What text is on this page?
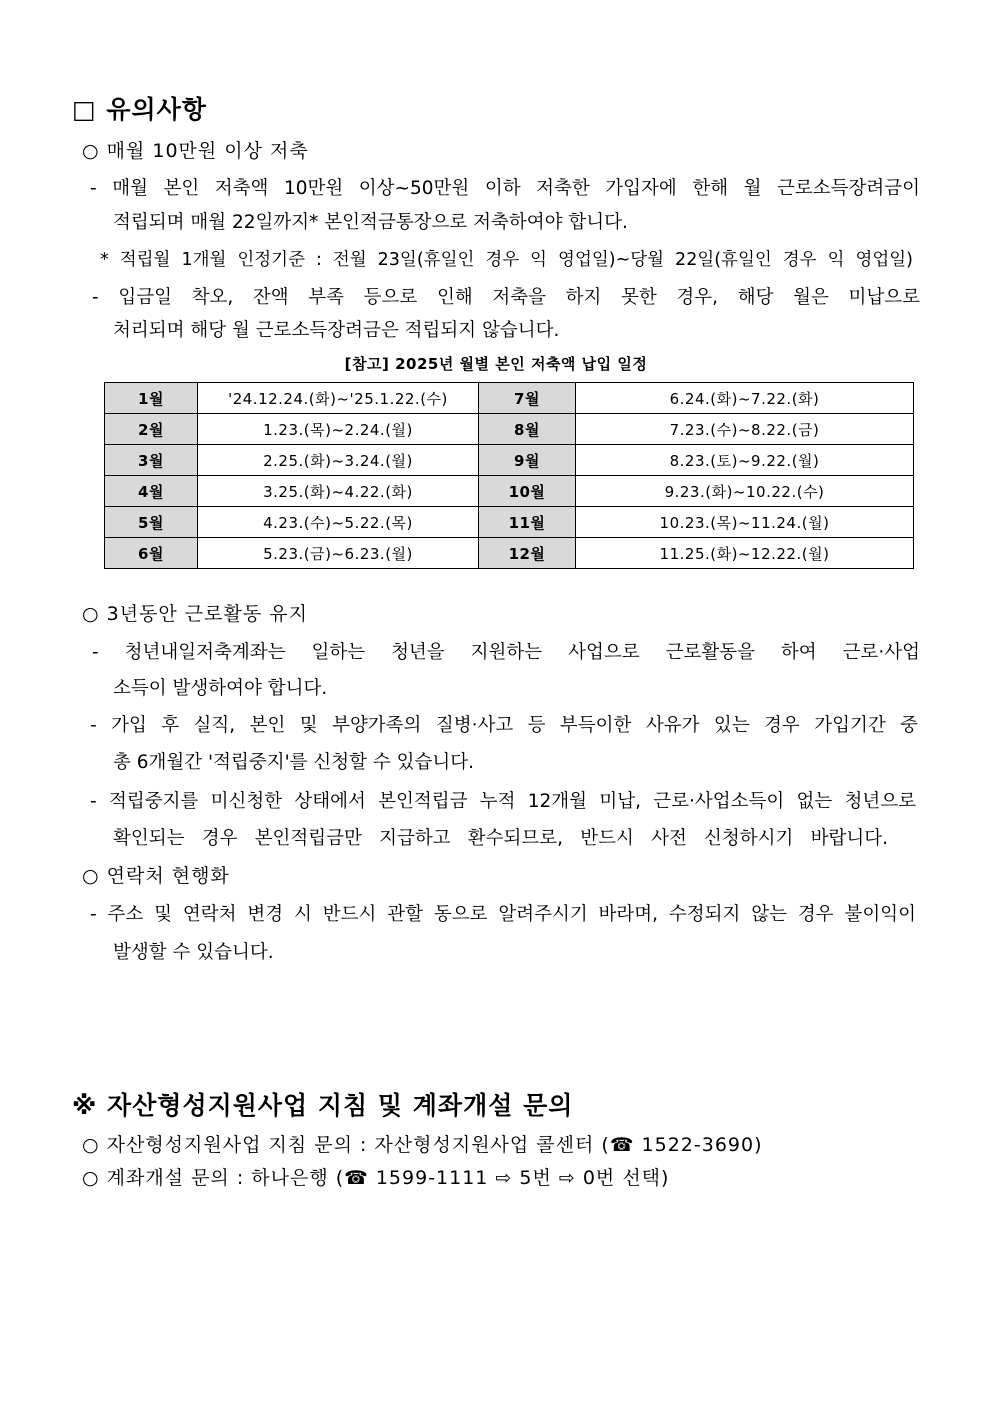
□ 유의사항
○ 매월 10만원 이상 저축
- 매월 본인 저축액 10만원 이상~50만원 이하 저축한 가입자에 한해 월 근로소득장려금이
적립되며 매월 22일까지* 본인적금통장으로 저축하여야 합니다.
* 적립월 1개월 인정기준 : 전월 23일(휴일인 경우 익 영업일)~당월 22일(휴일인 경우 익 영업일)
- 입금일 착오, 잔액 부족 등으로 인해 저축을 하지 못한 경우, 해당 월은 미납으로
처리되며 해당 월 근로소득장려금은 적립되지 않습니다.
[참고] 2025년 월별 본인 저축액 납입 일정
1월	'24.12.24.(화)~'25.1.22.(수)	7월	6.24.(화)~7.22.(화)
2월	1.23.(목)~2.24.(월)	8월	7.23.(수)~8.22.(금)
3월	2.25.(화)~3.24.(월)	9월	8.23.(토)~9.22.(월)
4월	3.25.(화)~4.22.(화)	10월	9.23.(화)~10.22.(수)
5월	4.23.(수)~5.22.(목)	11월	10.23.(목)~11.24.(월)
6월	5.23.(금)~6.23.(월)	12월	11.25.(화)~12.22.(월)
○ 3년동안 근로활동 유지
- 청년내일저축계좌는 일하는 청년을 지원하는 사업으로 근로활동을 하여 근로·사업
소득이 발생하여야 합니다.
- 가입 후 실직, 본인 및 부양가족의 질병·사고 등 부득이한 사유가 있는 경우 가입기간 중
총 6개월간 '적립중지'를 신청할 수 있습니다.
- 적립중지를 미신청한 상태에서 본인적립금 누적 12개월 미납, 근로·사업소득이 없는 청년으로
확인되는 경우 본인적립금만 지급하고 환수되므로, 반드시 사전 신청하시기 바랍니다.
○ 연락처 현행화
- 주소 및 연락처 변경 시 반드시 관할 동으로 알려주시기 바라며, 수정되지 않는 경우 불이익이
발생할 수 있습니다.
※ 자산형성지원사업 지침 및 계좌개설 문의
○ 자산형성지원사업 지침 문의 : 자산형성지원사업 콜센터 (☎ 1522-3690)
○ 계좌개설 문의 : 하나은행 (☎ 1599-1111 ⇨ 5번 ⇨ 0번 선택)
